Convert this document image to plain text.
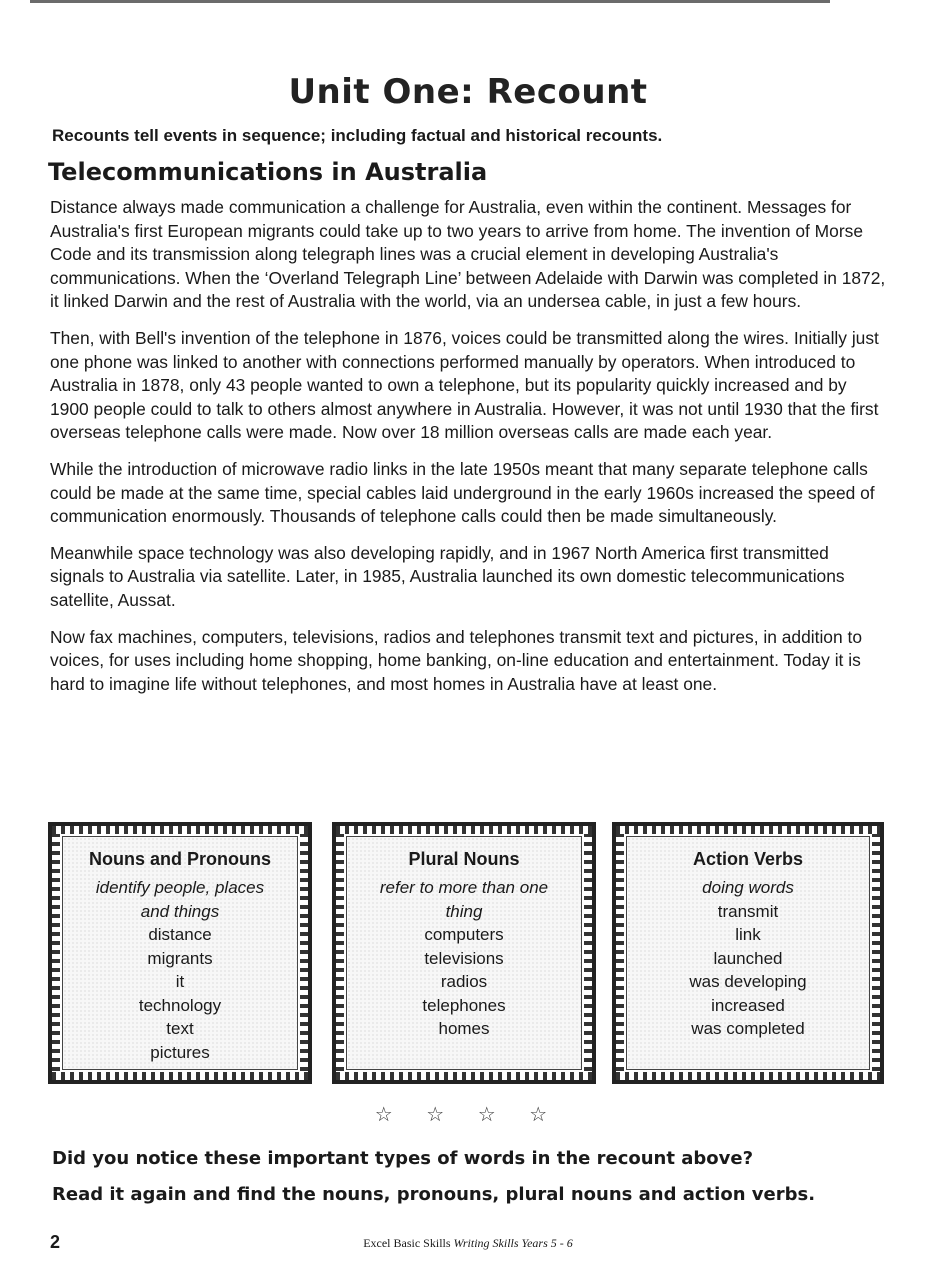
Unit One: Recount
Recounts tell events in sequence; including factual and historical recounts.
Telecommunications in Australia

Distance always made communication a challenge for Australia, even within the continent. Messages for Australia's first European migrants could take up to two years to arrive from home. The invention of Morse Code and its transmission along telegraph lines was a crucial element in developing Australia's communications. When the ‘Overland Telegraph Line’ between Adelaide with Darwin was completed in 1872, it linked Darwin and the rest of Australia with the world, via an undersea cable, in just a few hours.

Then, with Bell's invention of the telephone in 1876, voices could be transmitted along the wires. Initially just one phone was linked to another with connections performed manually by operators. When introduced to Australia in 1878, only 43 people wanted to own a telephone, but its popularity quickly increased and by 1900 people could to talk to others almost anywhere in Australia. However, it was not until 1930 that the first overseas telephone calls were made. Now over 18 million overseas calls are made each year.

While the introduction of microwave radio links in the late 1950s meant that many separate telephone calls could be made at the same time, special cables laid underground in the early 1960s increased the speed of communication enormously. Thousands of telephone calls could then be made simultaneously.

Meanwhile space technology was also developing rapidly, and in 1967 North America first transmitted signals to Australia via satellite. Later, in 1985, Australia launched its own domestic telecommunications satellite, Aussat.

Now fax machines, computers, televisions, radios and telephones transmit text and pictures, in addition to voices, for uses including home shopping, home banking, on-line education and entertainment. Today it is hard to imagine life without telephones, and most homes in Australia have at least one.

Nouns and Pronouns
identify people, places and things
distance
migrants
it
technology
text
pictures
Plural Nouns
refer to more than one thing
computers
televisions
radios
telephones
homes
Action Verbs
doing words
transmit
link
launched
was developing
increased
was completed
☆ ☆ ☆ ☆
Did you notice these important types of words in the recount above?
Read it again and find the nouns, pronouns, plural nouns and action verbs.
2	Excel Basic Skills Writing Skills Years 5 - 6
